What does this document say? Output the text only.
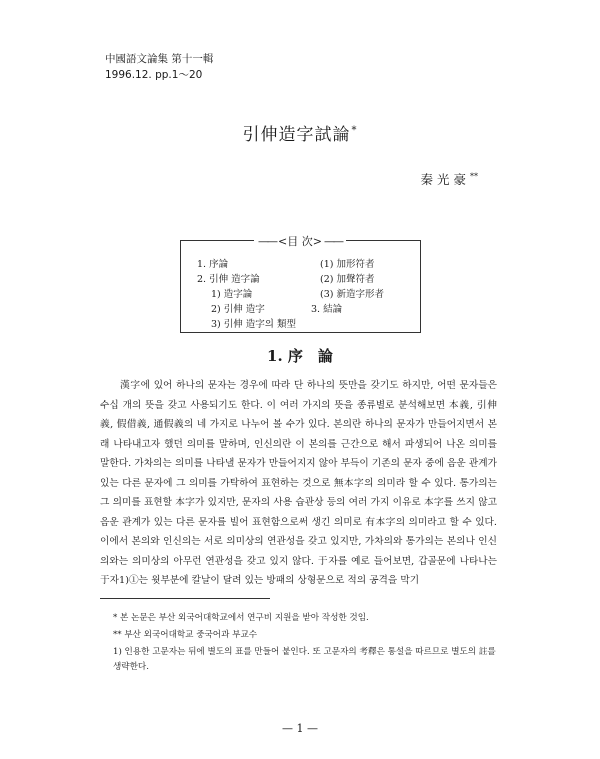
中國語文論集 第十一輯
1996.12. pp.1～20
引伸造字試論*
秦光豪**
—— <目 次> ——
1. 序論
2. 引伸 造字論
1) 造字論
2) 引伸 造字
3) 引伸 造字의 類型
(1) 加形符者
(2) 加聲符者
(3) 新造字形者
3. 結論
1. 序　論

漢字에 있어 하나의 문자는 경우에 따라 단 하나의 뜻만을 갖기도 하지만, 어떤 문자들은 수십 개의 뜻을 갖고 사용되기도 한다. 이 여러 가지의 뜻을 종류별로 분석해보면 本義, 引伸義, 假借義, 通假義의 네 가지로 나누어 볼 수가 있다. 본의란 하나의 문자가 만들어지면서 본래 나타내고자 했던 의미를 말하며, 인신의란 이 본의를 근간으로 해서 파생되어 나온 의미를 말한다. 가차의는 의미를 나타낼 문자가 만들어지지 않아 부득이 기존의 문자 중에 음운 관계가 있는 다른 문자에 그 의미를 가탁하여 표현하는 것으로 無本字의 의미라 할 수 있다. 통가의는 그 의미를 표현할 本字가 있지만, 문자의 사용 습관상 등의 여러 가지 이유로 本字를 쓰지 않고 음운 관계가 있는 다른 문자를 빌어 표현함으로써 생긴 의미로 有本字의 의미라고 할 수 있다. 이에서 본의와 인신의는 서로 의미상의 연관성을 갖고 있지만, 가차의와 통가의는 본의나 인신의와는 의미상의 아무런 연관성을 갖고 있지 않다. 于자를 예로 들어보면, 갑골문에 나타나는 于자1)①는 윗부분에 칼날이 달려 있는 방패의 상형문으로 적의 공격을 막기

* 본 논문은 부산 외국어대학교에서 연구비 지원을 받아 작성한 것임.
** 부산 외국어대학교 중국어과 부교수
1) 인용한 고문자는 뒤에 별도의 표를 만들어 붙인다. 또 고문자의 考釋은 통설을 따르므로 별도의 註를 생략한다.
— 1 —
